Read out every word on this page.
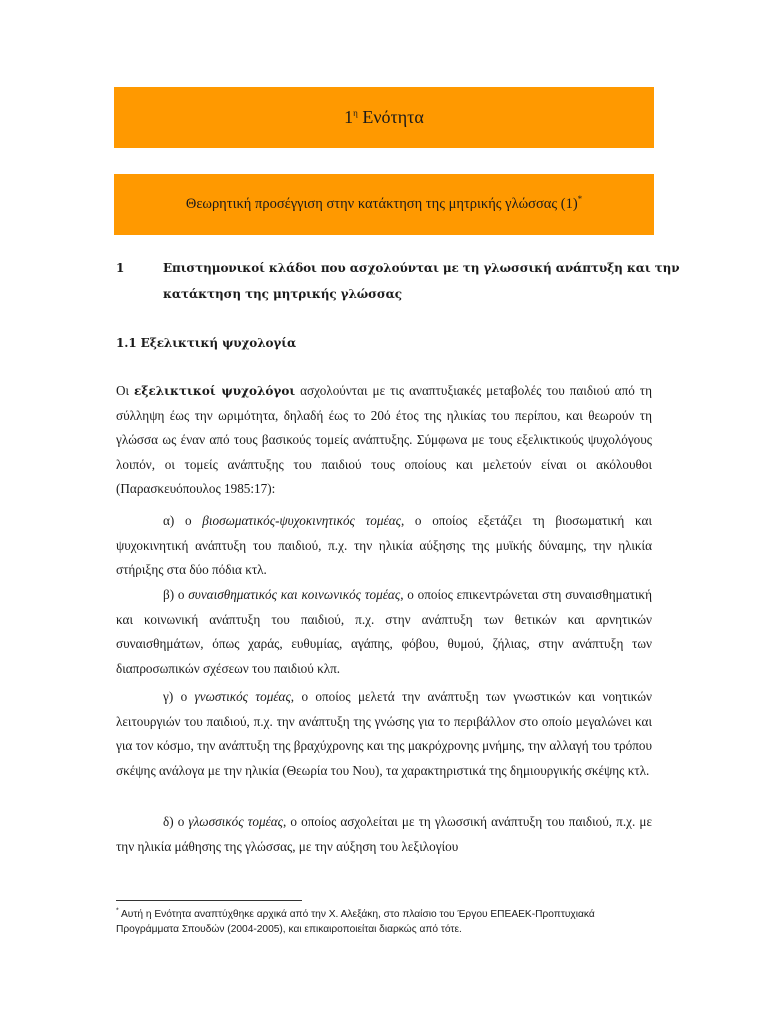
$1^\eta$ Ενότητα
Θεωρητική προσέγγιση στην κατάκτηση της μητρικής γλώσσας (1)*
1	Επιστημονικοί κλάδοι που ασχολούνται με τη γλωσσική ανάπτυξη και την
κατάκτηση της μητρικής γλώσσας
1.1 Εξελικτική ψυχολογία

Οι εξελικτικοί ψυχολόγοι ασχολούνται με τις αναπτυξιακές μεταβολές του παιδιού από τη σύλληψη έως την ωριμότητα, δηλαδή έως το 20ό έτος της ηλικίας του περίπου, και θεωρούν τη γλώσσα ως έναν από τους βασικούς τομείς ανάπτυξης. Σύμφωνα με τους εξελικτικούς ψυχολόγους λοιπόν, οι τομείς ανάπτυξης του παιδιού τους οποίους και μελετούν είναι οι ακόλουθοι (Παρασκευόπουλος 1985:17):

α) ο βιοσωματικός-ψυχοκινητικός τομέας, ο οποίος εξετάζει τη βιοσωματική και ψυχοκινητική ανάπτυξη του παιδιού, π.χ. την ηλικία αύξησης της μυϊκής δύναμης, την ηλικία στήριξης στα δύο πόδια κτλ.

β) ο συναισθηματικός και κοινωνικός τομέας, ο οποίος επικεντρώνεται στη συναισθηματική και κοινωνική ανάπτυξη του παιδιού, π.χ. στην ανάπτυξη των θετικών και αρνητικών συναισθημάτων, όπως χαράς, ευθυμίας, αγάπης, φόβου, θυμού, ζήλιας, στην ανάπτυξη των διαπροσωπικών σχέσεων του παιδιού κλπ.

γ) ο γνωστικός τομέας, ο οποίος μελετά την ανάπτυξη των γνωστικών και νοητικών λειτουργιών του παιδιού, π.χ. την ανάπτυξη της γνώσης για το περιβάλλον στο οποίο μεγαλώνει και για τον κόσμο, την ανάπτυξη της βραχύχρονης και της μακρόχρονης μνήμης, την αλλαγή του τρόπου σκέψης ανάλογα με την ηλικία (Θεωρία του Νου), τα χαρακτηριστικά της δημιουργικής σκέψης κτλ.

δ) ο γλωσσικός τομέας, ο οποίος ασχολείται με τη γλωσσική ανάπτυξη του παιδιού, π.χ. με την ηλικία μάθησης της γλώσσας, με την αύξηση του λεξιλογίου

* Αυτή η Ενότητα αναπτύχθηκε αρχικά από την Χ. Αλεξάκη, στο πλαίσιο του Έργου ΕΠΕΑΕΚ-Προπτυχιακά Προγράμματα Σπουδών (2004-2005), και επικαιροποιείται διαρκώς από τότε.
